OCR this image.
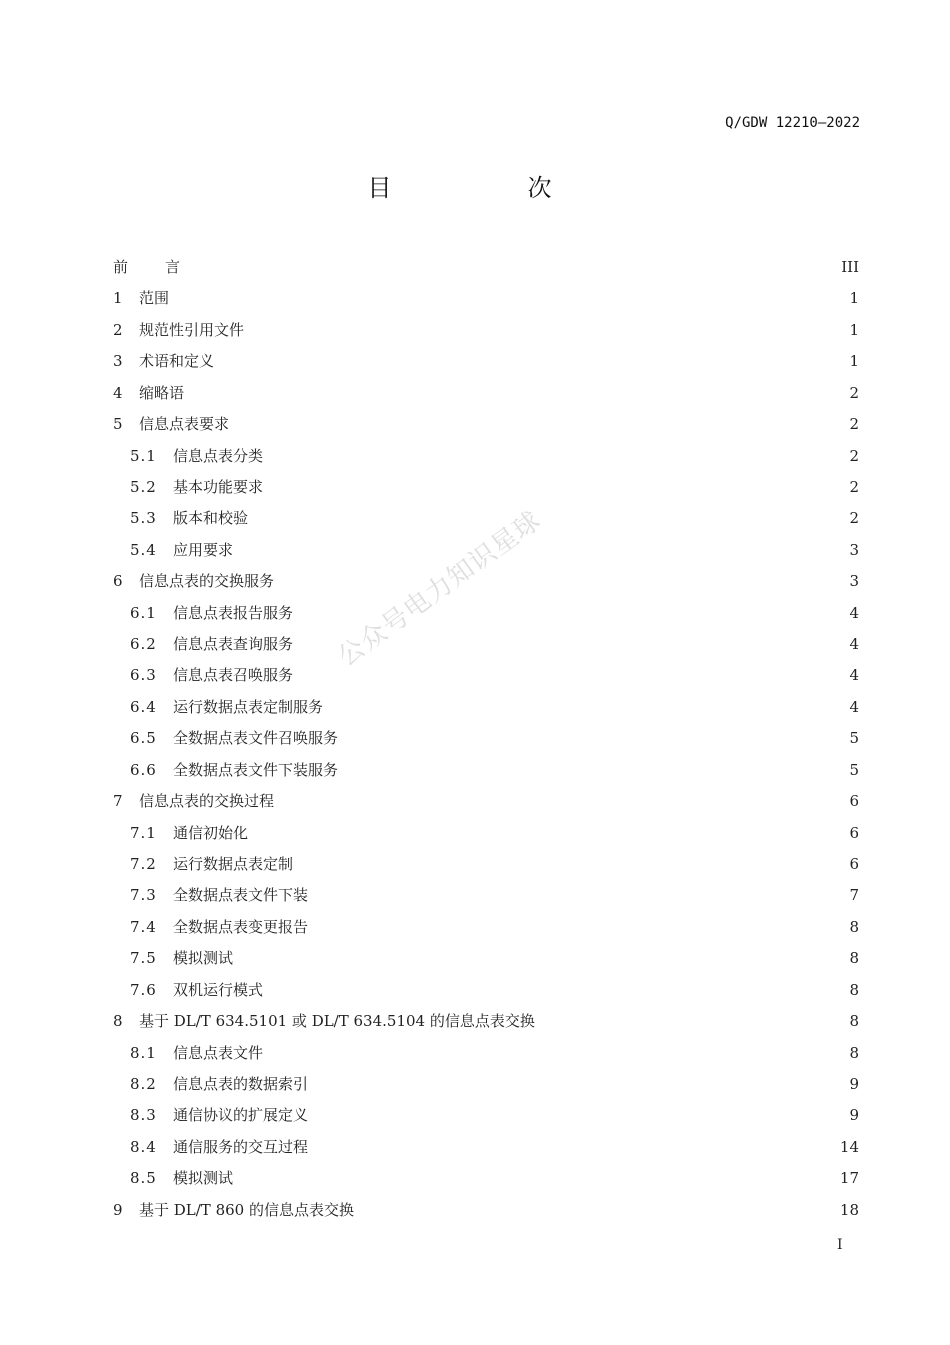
Q/GDW 12210—2022
目　次
公众号电力知识星球
前 言	III
1 范围	1
2 规范性引用文件	1
3 术语和定义	1
4 缩略语	2
5 信息点表要求	2
5.1 信息点表分类	2
5.2 基本功能要求	2
5.3 版本和校验	2
5.4 应用要求	3
6 信息点表的交换服务	3
6.1 信息点表报告服务	4
6.2 信息点表查询服务	4
6.3 信息点表召唤服务	4
6.4 运行数据点表定制服务	4
6.5 全数据点表文件召唤服务	5
6.6 全数据点表文件下装服务	5
7 信息点表的交换过程	6
7.1 通信初始化	6
7.2 运行数据点表定制	6
7.3 全数据点表文件下装	7
7.4 全数据点表变更报告	8
7.5 模拟测试	8
7.6 双机运行模式	8
8 基于 DL/T 634.5101 或 DL/T 634.5104 的信息点表交换	8
8.1 信息点表文件	8
8.2 信息点表的数据索引	9
8.3 通信协议的扩展定义	9
8.4 通信服务的交互过程	14
8.5 模拟测试	17
9 基于 DL/T 860 的信息点表交换	18
I
